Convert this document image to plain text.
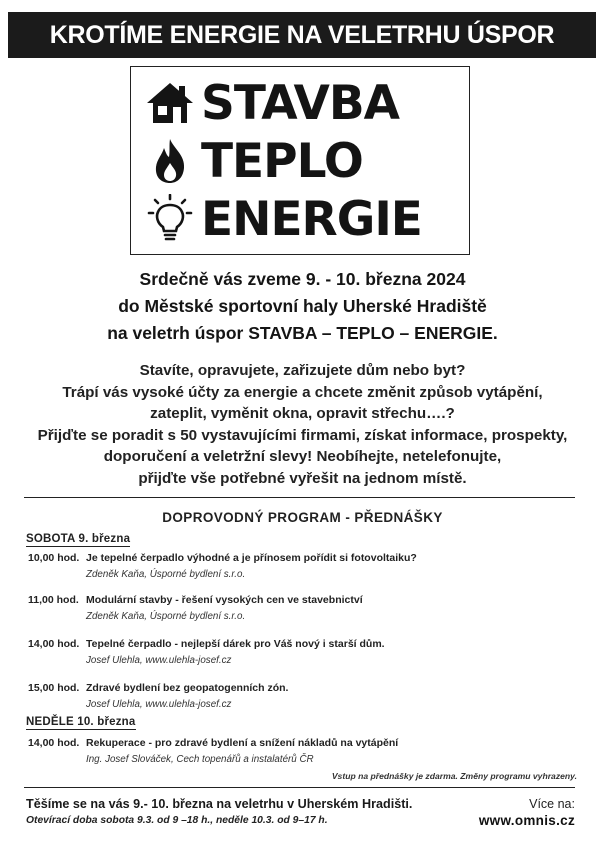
KROTÍME ENERGIE NA VELETRHU ÚSPOR
STAVBA
TEPLO
ENERGIE
Srdečně vás zveme 9. - 10. března 2024
do Městské sportovní haly Uherské Hradiště
na veletrh úspor STAVBA – TEPLO – ENERGIE.
Stavíte, opravujete, zařizujete dům nebo byt?
Trápí vás vysoké účty za energie a chcete změnit způsob vytápění,
zateplit, vyměnit okna, opravit střechu….?
Přijďte se poradit s 50 vystavujícími firmami, získat informace, prospekty,
doporučení a veletržní slevy! Neobíhejte, netelefonujte,
přijďte vše potřebné vyřešit na jednom místě.
DOPROVODNÝ PROGRAM - PŘEDNÁŠKY
SOBOTA 9. března
10,00 hod. Je tepelné čerpadlo výhodné a je přínosem pořídit si fotovoltaiku?
Zdeněk Kaňa, Úsporné bydlení s.r.o.
11,00 hod. Modulární stavby - řešení vysokých cen ve stavebnictví
Zdeněk Kaňa, Úsporné bydlení s.r.o.
14,00 hod. Tepelné čerpadlo - nejlepší dárek pro Váš nový i starší dům.
Josef Ulehla, www.ulehla-josef.cz
15,00 hod. Zdravé bydlení bez geopatogenních zón.
Josef Ulehla, www.ulehla-josef.cz
NEDĚLE 10. března
14,00 hod. Rekuperace - pro zdravé bydlení a snížení nákladů na vytápění
Ing. Josef Slováček, Cech topenářů a instalatérů ČR
Vstup na přednášky je zdarma. Změny programu vyhrazeny.
Těšíme se na vás 9.- 10. března na veletrhu v Uherském Hradišti.
Otevírací doba sobota 9.3. od 9 –18 h., neděle 10.3. od 9–17 h.
Více na:
www.omnis.cz
